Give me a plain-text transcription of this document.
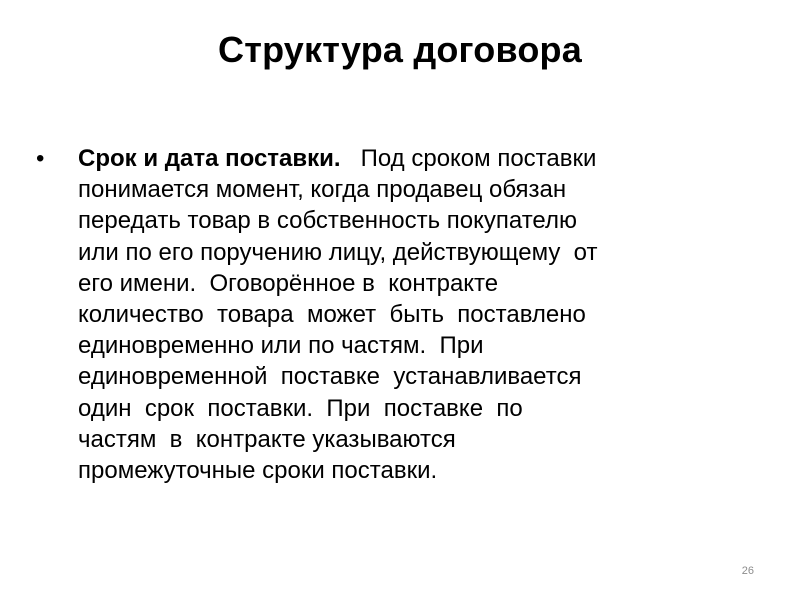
Структура договора
•	Срок и дата поставки.   Под сроком поставки
понимается момент, когда продавец обязан
передать товар в собственность покупателю
или по его поручению лицу, действующему  от
его имени.  Оговорённое в  контракте
количество  товара  может  быть  поставлено
единовременно или по частям.  При
единовременной  поставке  устанавливается
один  срок  поставки.  При  поставке  по
частям  в  контракте указываются
промежуточные сроки поставки.
26
